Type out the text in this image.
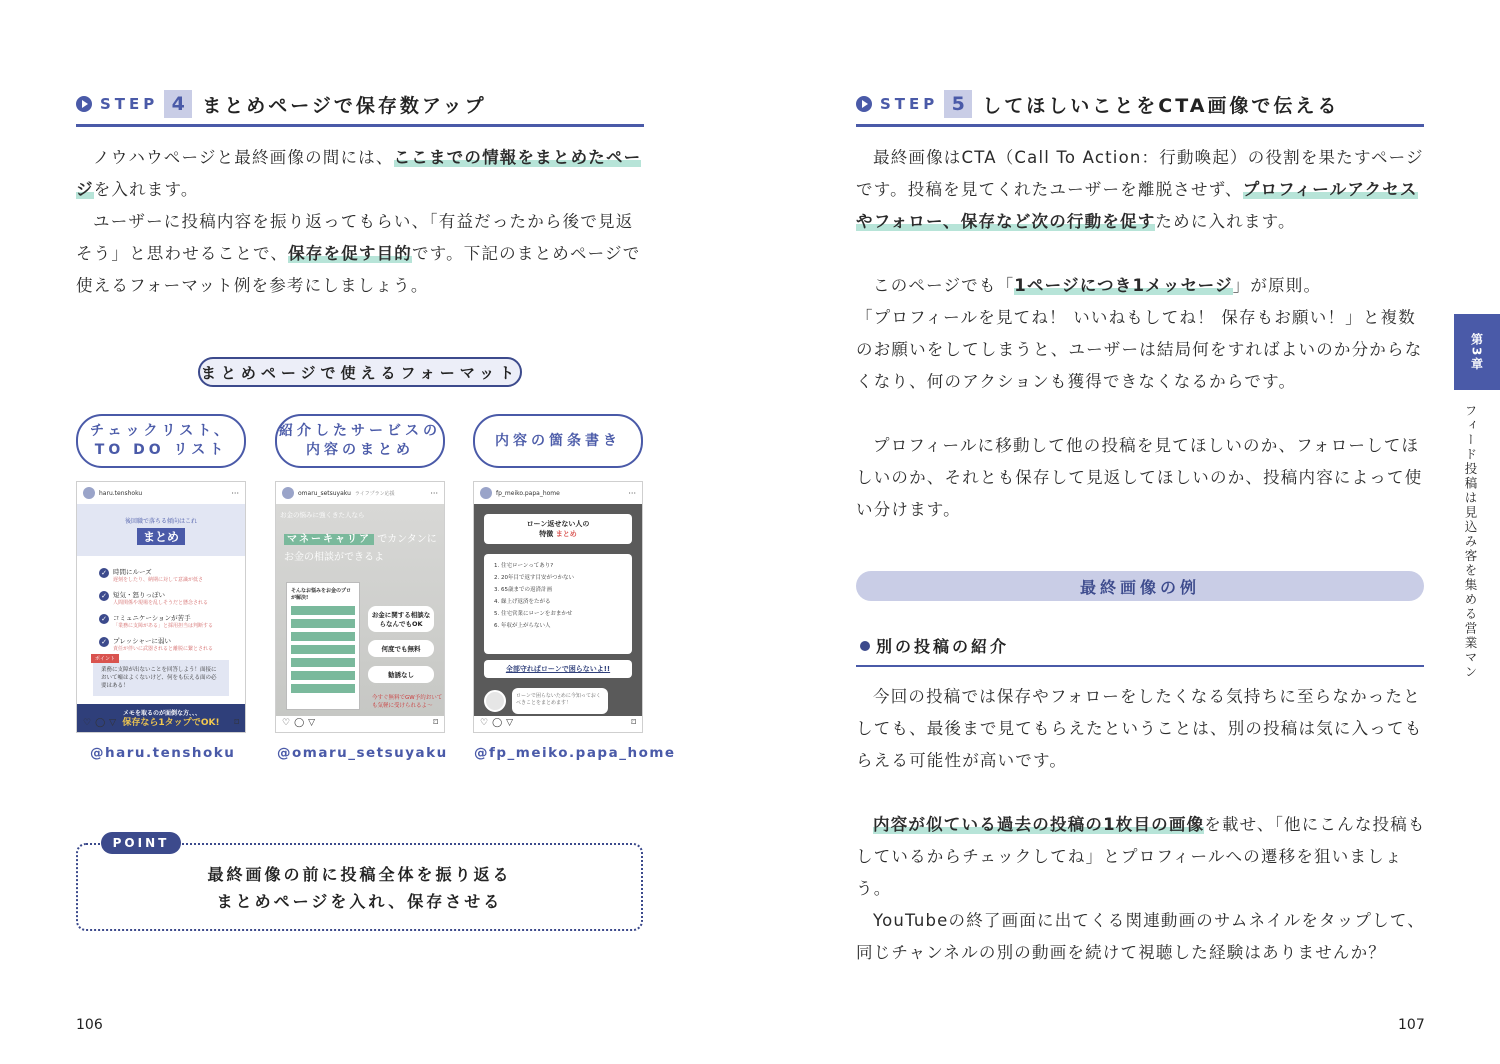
STEP 4 まとめページで保存数アップ

ノウハウページと最終画像の間には、ここまでの情報をまとめたページを入れます。

ユーザーに投稿内容を振り返ってもらい、「有益だったから後で見返そう」と思わせることで、保存を促す目的です。下記のまとめページで使えるフォーマット例を参考にしましょう。

まとめページで使えるフォーマット
チェックリスト、
TO DO リスト
紹介したサービスの
内容のまとめ
内容の箇条書き
haru.tenshoku	···
後回職で落ちる傾向はこれ
まとめ
✓ 時間にルーズ
遅刻をしたり、納期に対して意識が低さ
✓ 短気・怒りっぽい
人間関係や現場を乱しそうだと懸念される
✓ コミュニケーションが苦手
「業務に支障がある」と採用担当は判断する
✓ プレッシャーに弱い
責任が伴いに武器されると離脱に繋とされる
業務に支障が出ないことを回答しよう！面接において嘘はよくないけど、何をも伝える面の必要はある！
ポイント
メモを取るのが面倒な方、、、
保存なら1タップでOK!
♡ ◯ ▽	⌑
omaru_setsuyaku ライフプラン応援	···
お金の悩みに強くきた人なら
マネーキャリア でカンタンに
お金の相談ができるよ
そんなお悩みをお金のプロが解決!
お金に関する相談ならなんでもOK
何度でも無料
勧誘なし
今すぐ無料でGW予約おいても気軽に受けられるよ〜
♡ ◯ ▽	⌑
fp_meiko.papa_home	···
ローン返せない人の
特徴 まとめ
1. 住宅ローンってあり?
2. 20年目で返す目安がつかない
3. 65歳までの返済計画
4. 繰上げ返済をたがる
5. 住宅営業にローンをおまかせ
6. 年収が上がらない人
全部守ればローンで困らないよ!!
ローンで困らないために今知っておくべきことをまとめます！
♡ ◯ ▽	⌑
@haru.tenshoku	@omaru_setsuyaku @fp_meiko.papa_home
POINT
最終画像の前に投稿全体を振り返る
まとめページを入れ、保存させる
106
STEP 5 してほしいことをCTA画像で伝える

最終画像はCTA（Call To Action：行動喚起）の役割を果たすページです。投稿を見てくれたユーザーを離脱させず、プロフィールアクセスやフォロー、保存など次の行動を促すために入れます。

このページでも「1ページにつき1メッセージ」が原則。

「プロフィールを見てね！ いいねもしてね！ 保存もお願い！」と複数のお願いをしてしまうと、ユーザーは結局何をすればよいのか分からなくなり、何のアクションも獲得できなくなるからです。

プロフィールに移動して他の投稿を見てほしいのか、フォローしてほしいのか、それとも保存して見返してほしいのか、投稿内容によって使い分けます。

最終画像の例
別の投稿の紹介

今回の投稿では保存やフォローをしたくなる気持ちに至らなかったとしても、最後まで見てもらえたということは、別の投稿は気に入ってもらえる可能性が高いです。

内容が似ている過去の投稿の1枚目の画像を載せ、「他にこんな投稿もしているからチェックしてね」とプロフィールへの遷移を狙いましょう。

YouTubeの終了画面に出てくる関連動画のサムネイルをタップして、同じチャンネルの別の動画を続けて視聴した経験はありませんか？

107
第3章
フィード投稿は見込み客を集める営業マン
